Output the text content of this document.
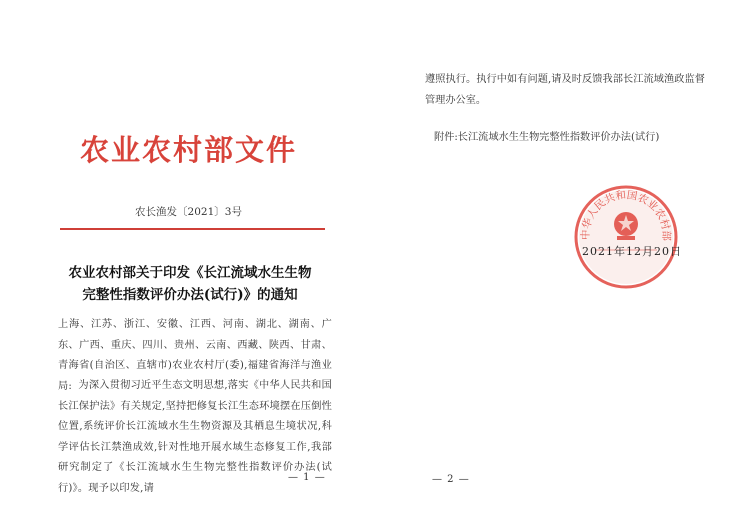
农业农村部文件
农长渔发〔2021〕3号
农业农村部关于印发《长江流域水生生物
完整性指数评价办法(试行)》的通知
上海、江苏、浙江、安徽、江西、河南、湖北、湖南、广东、广西、重庆、四川、贵州、云南、西藏、陕西、甘肃、青海省(自治区、直辖市)农业农村厅(委),福建省海洋与渔业局: 为深入贯彻习近平生态文明思想,落实《中华人民共和国长江保护法》有关规定,坚持把修复长江生态环境摆在压倒性位置,系统评价长江流域水生生物资源及其栖息生境状况,科学评估长江禁渔成效,针对性地开展水域生态修复工作,我部研究制定了《长江流域水生生物完整性指数评价办法(试行)》。现予以印发,请
— 1 —
遵照执行。执行中如有问题,请及时反馈我部长江流域渔政监督管理办公室。
附件:长江流域水生生物完整性指数评价办法(试行)
中华人民共和国农业农村部
2021年12月20日
— 2 —
